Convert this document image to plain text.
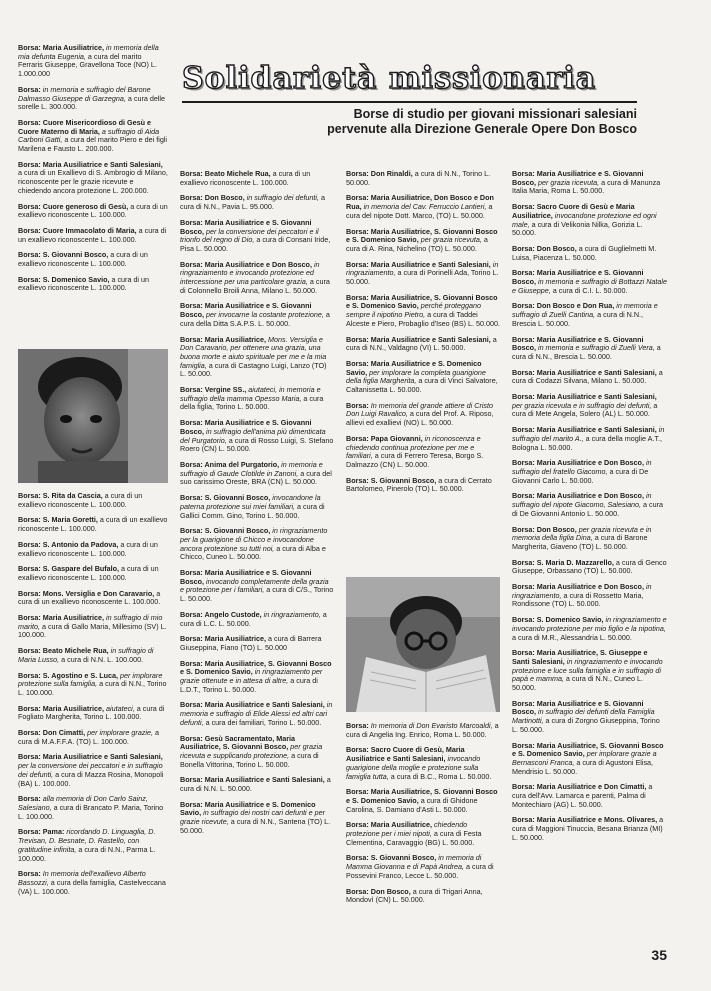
Solidarietà missionaria
Borse di studio per giovani missionari salesiani
pervenute alla Direzione Generale Opere Don Bosco
Borsa: Maria Ausiliatrice, in memoria della mia defunta Eugenia, a cura del marito Ferraris Giuseppe, Gravellona Toce (NO) L. 1.000.000
Borsa: in memoria e suffragio del Barone Dalmasso Giuseppe di Garzegna, a cura delle sorelle L. 300.000.
Borsa: Cuore Misericordioso di Gesù e Cuore Materno di Maria, a suffragio di Aida Carboni Gatti, a cura del marito Piero e dei figli Marilena e Fausto L. 200.000.
Borsa: Maria Ausiliatrice e Santi Salesiani, a cura di un Exallievo di S. Ambrogio di Milano, riconoscente per le grazie ricevute e chiedendo ancora protezione L. 200.000.
Borsa: Cuore generoso di Gesù, a cura di un exallievo riconoscente L. 100.000.
Borsa: Cuore Immacolato di Maria, a cura di un exallievo riconoscente L. 100.000.
Borsa: S. Giovanni Bosco, a cura di un exallievo riconoscente L. 100.000.
Borsa: S. Domenico Savio, a cura di un exallievo riconoscente L. 100.000.
Borsa: S. Rita da Cascia, a cura di un exallievo riconoscente L. 100.000.
Borsa: S. Maria Goretti, a cura di un exallievo riconoscente L. 100.000.
Borsa: S. Antonio da Padova, a cura di un exallievo riconoscente L. 100.000.
Borsa: S. Gaspare del Bufalo, a cura di un exallievo riconoscente L. 100.000.
Borsa: Mons. Versiglia e Don Caravario, a cura di un exallievo riconoscente L. 100.000.
Borsa: Maria Ausiliatrice, in suffragio di mio marito, a cura di Gallo Maria, Millesimo (SV) L. 100.000.
Borsa: Beato Michele Rua, in suffragio di Maria Lusso, a cura di N.N. L. 100.000.
Borsa: S. Agostino e S. Luca, per implorare protezione sulla famiglia, a cura di N.N., Torino L. 100.000.
Borsa: Maria Ausiliatrice, aiutateci, a cura di Fogliato Margherita, Torino L. 100.000.
Borsa: Don Cimatti, per implorare grazie, a cura di M.A.F.F.A. (TO) L. 100.000.
Borsa: Maria Ausiliatrice e Santi Salesiani, per la conversione dei peccatori e in suffragio dei defunti, a cura di Mazza Rosina, Monopoli (BA) L. 100.000.
Borsa: alla memoria di Don Carlo Sainz, Salesiano, a cura di Brancato P. Maria, Torino L. 100.000.
Borsa: Pama: ricordando D. Linguaglia, D. Trevisan, D. Besnate, D. Rastello, con gratitudine infinita, a cura di N.N., Parma L. 100.000.
Borsa: In memoria dell'exallievo Alberto Bassozzi, a cura della famiglia, Castelveccana (VA) L. 100.000.
Borsa: Beato Michele Rua, a cura di un exallievo riconoscente L. 100.000.
Borsa: Don Bosco, in suffragio dei defunti, a cura di N.N., Pavia L. 95.000.
Borsa: Maria Ausiliatrice e S. Giovanni Bosco, per la conversione dei peccatori e il trionfo del regno di Dio, a cura di Consani Iride, Pisa L. 50.000.
Borsa: Maria Ausiliatrice e Don Bosco, in ringraziamento e invocando protezione ed intercessione per una particolare grazia, a cura di Colonnello Broili Anna, Milano L. 50.000.
Borsa: Maria Ausiliatrice e S. Giovanni Bosco, per invocarne la costante protezione, a cura della Ditta S.A.P.S. L. 50.000.
Borsa: Maria Ausiliatrice, Mons. Versiglia e Don Caravario, per ottenere una grazia, una buona morte e aiuto spirituale per me e la mia famiglia, a cura di Castagno Luigi, Lanzo (TO) L. 50.000.
Borsa: Vergine SS., aiutateci, in memoria e suffragio della mamma Opesso Maria, a cura della figlia, Torino L. 50.000.
Borsa: Maria Ausiliatrice e S. Giovanni Bosco, in suffragio dell'anima più dimenticata del Purgatorio, a cura di Rosso Luigi, S. Stefano Roero (CN) L. 50.000.
Borsa: Anima del Purgatorio, in memoria e suffragio di Gaude Clotilde in Zanoni, a cura del suo carissimo Oreste, BRA (CN) L. 50.000.
Borsa: S. Giovanni Bosco, invocandone la paterna protezione sui miei familiari, a cura di Gallici Comm. Gino, Torino L. 50.000.
Borsa: S. Giovanni Bosco, in ringraziamento per la guarigione di Chicco e invocandone ancora protezione su tutti noi, a cura di Alba e Chicco, Cuneo L. 50.000.
Borsa: Maria Ausiliatrice e S. Giovanni Bosco, invocando completamente della grazia e protezione per i familiari, a cura di C/S., Torino L. 50.000.
Borsa: Angelo Custode, in ringraziamento, a cura di L.C. L. 50.000.
Borsa: Maria Ausiliatrice, a cura di Barrera Giuseppina, Fiano (TO) L. 50.000
Borsa: Maria Ausiliatrice, S. Giovanni Bosco e S. Domenico Savio, in ringraziamento per grazie ottenute e in attesa di altre, a cura di L.D.T., Torino L. 50.000.
Borsa: Maria Ausiliatrice e Santi Salesiani, in memoria e suffragio di Elide Alessi ed altri cari defunti, a cura dei familiari, Torino L. 50.000.
Borsa: Gesù Sacramentato, Maria Ausiliatrice, S. Giovanni Bosco, per grazia ricevuta e supplicando protezione, a cura di Bonella Vittorina, Torino L. 50.000.
Borsa: Maria Ausiliatrice e Santi Salesiani, a cura di N.N. L. 50.000.
Borsa: Maria Ausiliatrice e S. Domenico Savio, in suffragio dei nostri cari defunti e per grazie ricevute, a cura di N.N., Santena (TO) L. 50.000.
Borsa: Don Rinaldi, a cura di N.N., Torino L. 50.000.
Borsa: Maria Ausiliatrice, Don Bosco e Don Rua, in memoria del Cav. Ferruccio Lantieri, a cura del nipote Dott. Marco, (TO) L. 50.000.
Borsa: Maria Ausiliatrice, S. Giovanni Bosco e S. Domenico Savio, per grazia ricevuta, a cura di A. Rina, Nichelino (TO) L. 50.000.
Borsa: Maria Ausiliatrice e Santi Salesiani, in ringraziamento, a cura di Porinelli Ada, Torino L. 50.000.
Borsa: Maria Ausiliatrice, S. Giovanni Bosco e S. Domenico Savio, perché proteggano sempre il nipotino Pietro, a cura di Taddei Alceste e Piero, Probaglio d'Iseo (BS) L. 50.000.
Borsa: Maria Ausiliatrice e Santi Salesiani, a cura di N.N., Valdagno (VI) L. 50.000.
Borsa: Maria Ausiliatrice e S. Domenico Savio, per implorare la completa guarigione della figlia Margherita, a cura di Vinci Salvatore, Caltanissetta L. 50.000.
Borsa: In memoria del grande attiere di Cristo Don Luigi Ravalico, a cura del Prof. A. Riposo, allievi ed exallievi (NO) L. 50.000.
Borsa: Papa Giovanni, in riconoscenza e chiedendo continua protezione per me e familiari, a cura di Ferrero Teresa, Borgo S. Dalmazzo (CN) L. 50.000.
Borsa: S. Giovanni Bosco, a cura di Cerrato Bartolomeo, Pinerolo (TO) L. 50.000.
Borsa: In memoria di Don Evaristo Marcoaldi, a cura di Angelia Ing. Enrico, Roma L. 50.000.
Borsa: Sacro Cuore di Gesù, Maria Ausiliatrice e Santi Salesiani, invocando guarigione della moglie e protezione sulla famiglia tutta, a cura di B.C., Roma L. 50.000.
Borsa: Maria Ausiliatrice, S. Giovanni Bosco e S. Domenico Savio, a cura di Ghidone Carolina, S. Damiano d'Asti L. 50.000.
Borsa: Maria Ausiliatrice, chiedendo protezione per i miei nipoti, a cura di Festa Clementina, Caravaggio (BG) L. 50.000.
Borsa: S. Giovanni Bosco, in memoria di Mamma Giovanna e di Papà Andrea, a cura di Possevini Franco, Lecce L. 50.000.
Borsa: Don Bosco, a cura di Trigari Anna, Mondovì (CN) L. 50.000.
Borsa: Maria Ausiliatrice e S. Giovanni Bosco, per grazia ricevuta, a cura di Manunza Italia Maria, Roma L. 50.000.
Borsa: Sacro Cuore di Gesù e Maria Ausiliatrice, invocandone protezione ed ogni male, a cura di Velikonia Nilka, Gorizia L. 50.000.
Borsa: Don Bosco, a cura di Guglielmetti M. Luisa, Piacenza L. 50.000.
Borsa: Maria Ausiliatrice e S. Giovanni Bosco, in memoria e suffragio di Bottazzi Natale e Giuseppe, a cura di C.I. L. 50.000.
Borsa: Don Bosco e Don Rua, in memoria e suffragio di Zuelli Cantina, a cura di N.N., Brescia L. 50.000.
Borsa: Maria Ausiliatrice e S. Giovanni Bosco, in memoria e suffragio di Zuelli Vera, a cura di N.N., Brescia L. 50.000.
Borsa: Maria Ausiliatrice e Santi Salesiani, a cura di Codazzi Silvana, Milano L. 50.000.
Borsa: Maria Ausiliatrice e Santi Salesiani, per grazia ricevuta e in suffragio dei defunti, a cura di Mete Angela, Solero (AL) L. 50.000.
Borsa: Maria Ausiliatrice e Santi Salesiani, in suffragio del marito A., a cura della moglie A.T., Bologna L. 50.000.
Borsa: Maria Ausiliatrice e Don Bosco, in suffragio del fratello Giacomo, a cura di De Giovanni Carlo L. 50.000.
Borsa: Maria Ausiliatrice e Don Bosco, in suffragio del nipote Giacomo, Salesiano, a cura di De Giovanni Antonio L. 50.000.
Borsa: Don Bosco, per grazia ricevuta e in memoria della figlia Dina, a cura di Barone Margherita, Giaveno (TO) L. 50.000.
Borsa: S. Maria D. Mazzarello, a cura di Genco Giuseppe, Orbassano (TO) L. 50.000.
Borsa: Maria Ausiliatrice e Don Bosco, in ringraziamento, a cura di Rossetto Maria, Rondissone (TO) L. 50.000.
Borsa: S. Domenico Savio, in ringraziamento e invocando protezione per mio figlio e la nipotina, a cura di M.R., Alessandria L. 50.000.
Borsa: Maria Ausiliatrice, S. Giuseppe e Santi Salesiani, in ringraziamento e invocando protezione e luce sulla famiglia e in suffragio di papà e mamma, a cura di N.N., Cuneo L. 50.000.
Borsa: Maria Ausiliatrice e S. Giovanni Bosco, in suffragio dei defunti della Famiglia Martinotti, a cura di Zorgno Giuseppina, Torino L. 50.000.
Borsa: Maria Ausiliatrice, S. Giovanni Bosco e S. Domenico Savio, per implorare grazie a Bernasconi Franca, a cura di Agustoni Elisa, Mendrisio L. 50.000.
Borsa: Maria Ausiliatrice e Don Cimatti, a cura dell'Avv. Lamarca e parenti, Palma di Montechiaro (AG) L. 50.000.
Borsa: Maria Ausiliatrice e Mons. Olivares, a cura di Maggioni Tinuccia, Besana Brianza (MI) L. 50.000.
35
